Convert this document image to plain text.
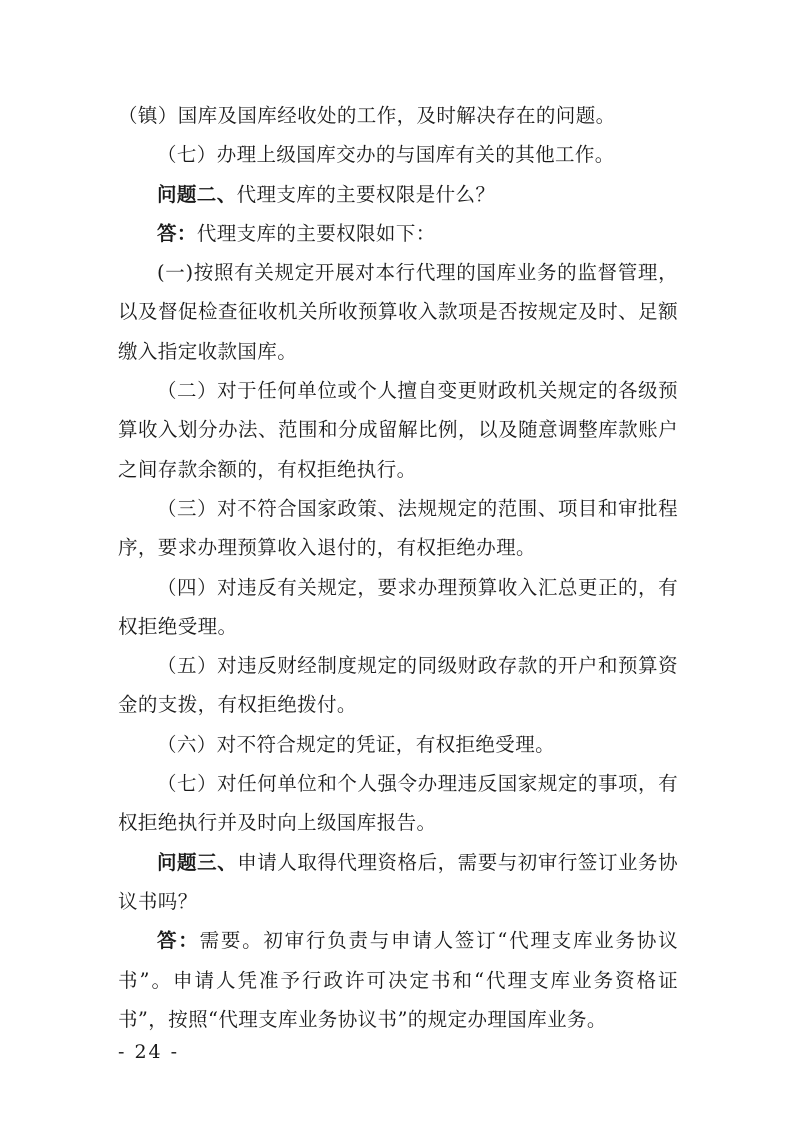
（镇）国库及国库经收处的工作，及时解决存在的问题。

（七）办理上级国库交办的与国库有关的其他工作。

问题二、代理支库的主要权限是什么？

答：代理支库的主要权限如下：

(一)按照有关规定开展对本行代理的国库业务的监督管理，以及督促检查征收机关所收预算收入款项是否按规定及时、足额缴入指定收款国库。

（二）对于任何单位或个人擅自变更财政机关规定的各级预算收入划分办法、范围和分成留解比例，以及随意调整库款账户之间存款余额的，有权拒绝执行。

（三）对不符合国家政策、法规规定的范围、项目和审批程序，要求办理预算收入退付的，有权拒绝办理。

（四）对违反有关规定，要求办理预算收入汇总更正的，有权拒绝受理。

（五）对违反财经制度规定的同级财政存款的开户和预算资金的支拨，有权拒绝拨付。

（六）对不符合规定的凭证，有权拒绝受理。

（七）对任何单位和个人强令办理违反国家规定的事项，有权拒绝执行并及时向上级国库报告。

问题三、申请人取得代理资格后，需要与初审行签订业务协议书吗？

答：需要。初审行负责与申请人签订“代理支库业务协议书”。申请人凭准予行政许可决定书和“代理支库业务资格证书”，按照“代理支库业务协议书”的规定办理国库业务。

- 24 -
